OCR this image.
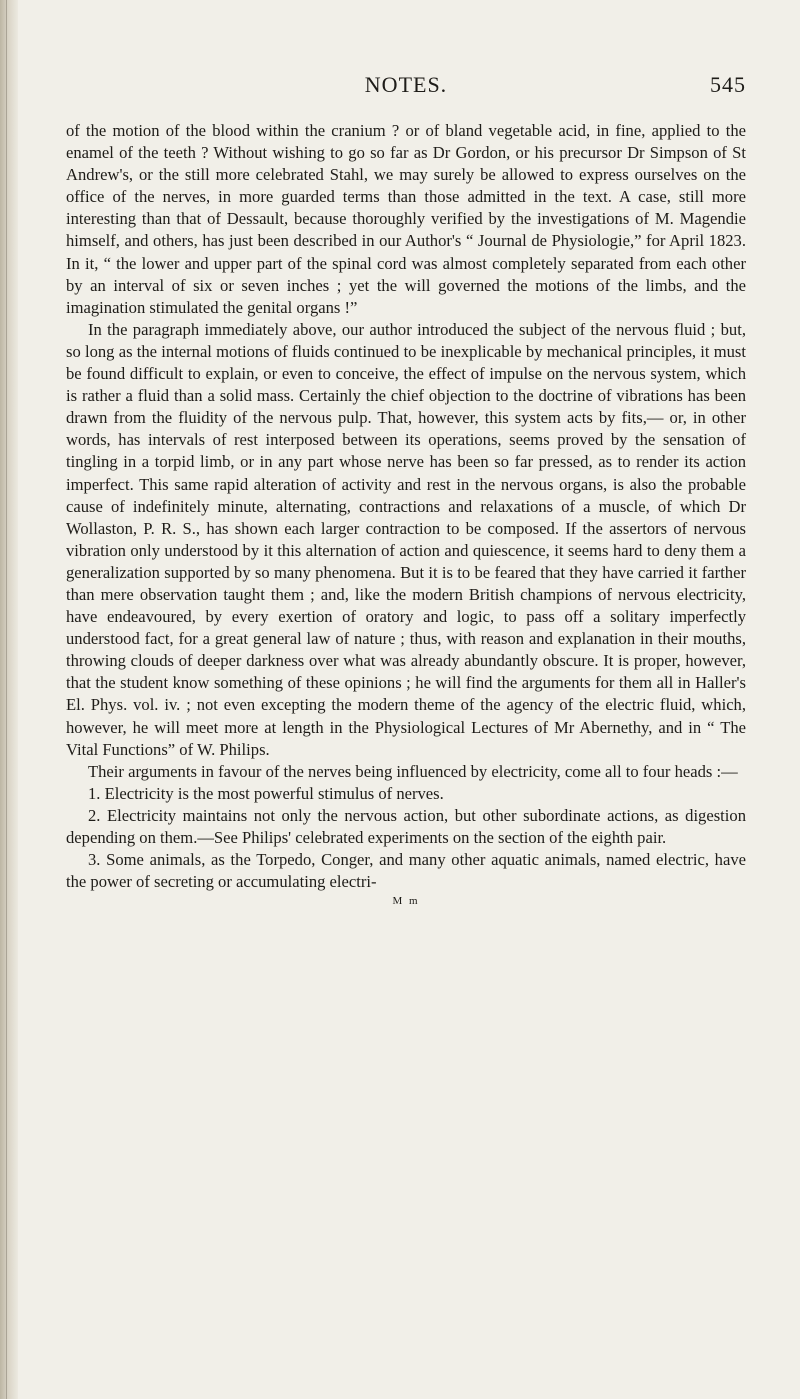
NOTES.	545

of the motion of the blood within the cranium ? or of bland vegetable acid, in fine, applied to the enamel of the teeth ? Without wishing to go so far as Dr Gordon, or his precursor Dr Simpson of St Andrew's, or the still more celebrated Stahl, we may surely be allowed to express ourselves on the office of the nerves, in more guarded terms than those admitted in the text. A case, still more interesting than that of Dessault, because thoroughly verified by the investigations of M. Magendie himself, and others, has just been described in our Author's “ Journal de Physiologie,” for April 1823. In it, “ the lower and upper part of the spinal cord was almost completely separated from each other by an interval of six or seven inches ; yet the will governed the motions of the limbs, and the imagination stimulated the genital organs !”

In the paragraph immediately above, our author introduced the subject of the nervous fluid ; but, so long as the internal motions of fluids continued to be inexplicable by mechanical principles, it must be found difficult to explain, or even to conceive, the effect of impulse on the nervous system, which is rather a fluid than a solid mass. Certainly the chief objection to the doctrine of vibrations has been drawn from the fluidity of the nervous pulp. That, however, this system acts by fits,— or, in other words, has intervals of rest interposed between its operations, seems proved by the sensation of tingling in a torpid limb, or in any part whose nerve has been so far pressed, as to render its action imperfect. This same rapid alteration of activity and rest in the nervous organs, is also the probable cause of indefinitely minute, alternating, contractions and relaxations of a muscle, of which Dr Wollaston, P. R. S., has shown each larger contraction to be composed. If the assertors of nervous vibration only understood by it this alternation of action and quiescence, it seems hard to deny them a generalization supported by so many phenomena. But it is to be feared that they have carried it farther than mere observation taught them ; and, like the modern British champions of nervous electricity, have endeavoured, by every exertion of oratory and logic, to pass off a solitary imperfectly understood fact, for a great general law of nature ; thus, with reason and explanation in their mouths, throwing clouds of deeper darkness over what was already abundantly obscure. It is proper, however, that the student know something of these opinions ; he will find the arguments for them all in Haller's El. Phys. vol. iv. ; not even excepting the modern theme of the agency of the electric fluid, which, however, he will meet more at length in the Physiological Lectures of Mr Abernethy, and in “ The Vital Functions” of W. Philips.

Their arguments in favour of the nerves being influenced by electricity, come all to four heads :—

1. Electricity is the most powerful stimulus of nerves.

2. Electricity maintains not only the nervous action, but other subordinate actions, as digestion depending on them.—See Philips' celebrated experiments on the section of the eighth pair.

3. Some animals, as the Torpedo, Conger, and many other aquatic animals, named electric, have the power of secreting or accumulating electri-

M m
